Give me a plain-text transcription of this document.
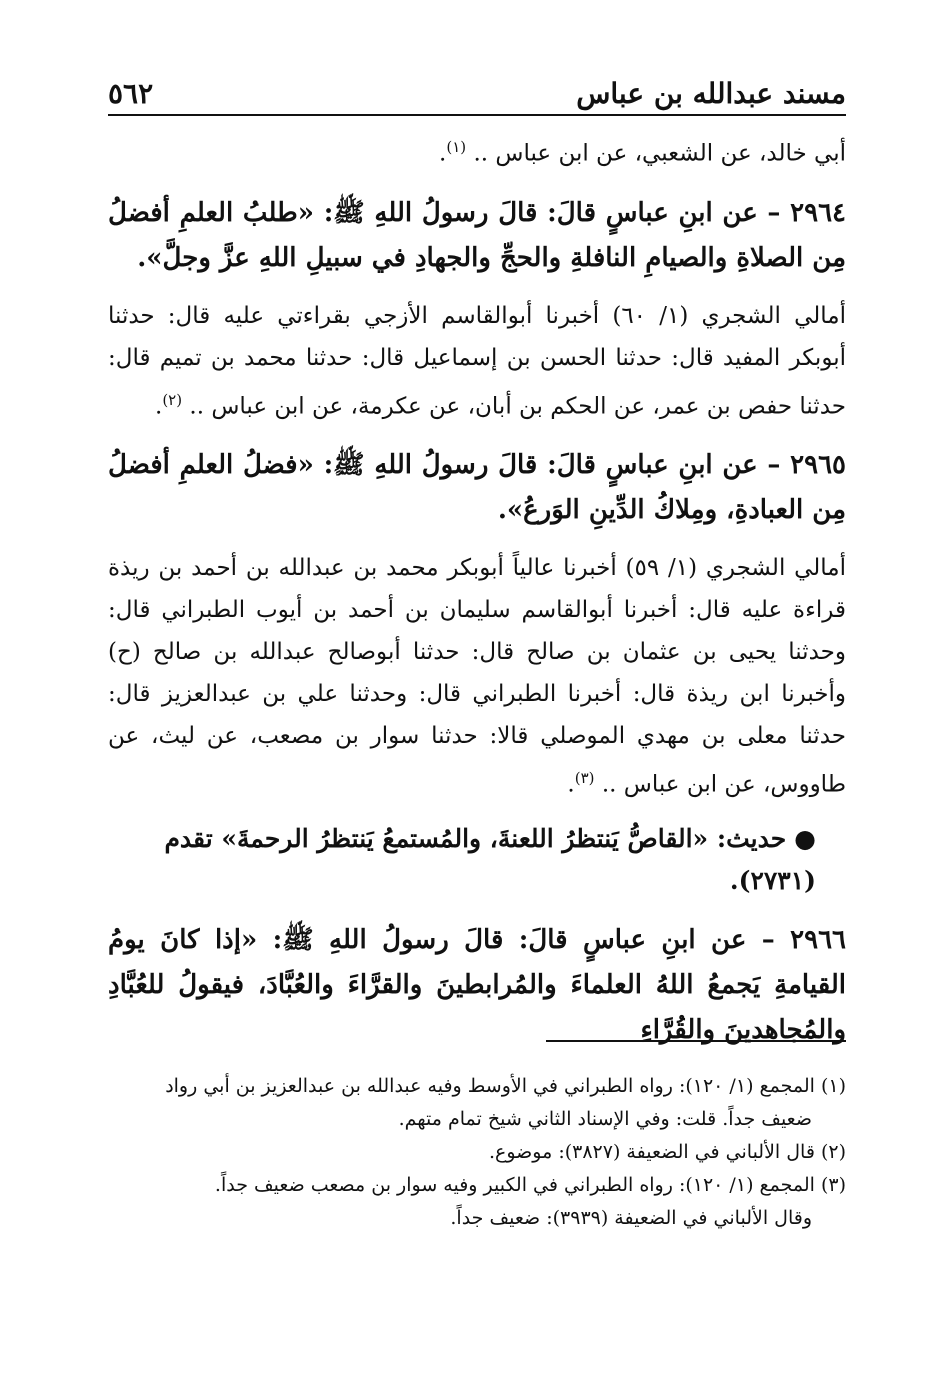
مسند عبدالله بن عباس
٥٦٢

أبي خالد، عن الشعبي، عن ابن عباس .. $^{(١)}$.

٢٩٦٤ – عن ابنِ عباسٍ قالَ: قالَ رسولُ اللهِ ﷺ: «طلبُ العلمِ أفضلُ مِن الصلاةِ والصيامِ النافلةِ والحجِّ والجهادِ في سبيلِ اللهِ عزَّ وجلَّ».

أمالي الشجري (١/ ٦٠) أخبرنا أبوالقاسم الأزجي بقراءتي عليه قال: حدثنا أبوبكر المفيد قال: حدثنا الحسن بن إسماعيل قال: حدثنا محمد بن تميم قال: حدثنا حفص بن عمر، عن الحكم بن أبان، عن عكرمة، عن ابن عباس .. $^{(٢)}$.

٢٩٦٥ – عن ابنِ عباسٍ قالَ: قالَ رسولُ اللهِ ﷺ: «فضلُ العلمِ أفضلُ مِن العبادةِ، ومِلاكُ الدِّينِ الوَرعُ».

أمالي الشجري (١/ ٥٩) أخبرنا عالياً أبوبكر محمد بن عبدالله بن أحمد بن ريذة قراءة عليه قال: أخبرنا أبوالقاسم سليمان بن أحمد بن أيوب الطبراني قال: وحدثنا يحيى بن عثمان بن صالح قال: حدثنا أبوصالح عبدالله بن صالح (ح) وأخبرنا ابن ريذة قال: أخبرنا الطبراني قال: وحدثنا علي بن عبدالعزيز قال: حدثنا معلى بن مهدي الموصلي قالا: حدثنا سوار بن مصعب، عن ليث، عن طاووس، عن ابن عباس .. $^{(٣)}$.

●حديث: «القاصُّ يَنتظرُ اللعنةَ، والمُستمعُ يَنتظرُ الرحمةَ» تقدم (٢٧٣١).

٢٩٦٦ – عن ابنِ عباسٍ قالَ: قالَ رسولُ اللهِ ﷺ: «إذا كانَ يومُ القيامةِ يَجمعُ اللهُ العلماءَ والمُرابطينَ والقرَّاءَ والعُبَّادَ، فيقولُ للعُبَّادِ والمُجاهدينَ والقُرَّاءِ

(١)المجمع (١/ ١٢٠): رواه الطبراني في الأوسط وفيه عبدالله بن عبدالعزيز بن أبي رواد
ضعيف جداً. قلت: وفي الإسناد الثاني شيخ تمام متهم.
(٢)قال الألباني في الضعيفة (٣٨٢٧): موضوع.
(٣)المجمع (١/ ١٢٠): رواه الطبراني في الكبير وفيه سوار بن مصعب ضعيف جداً.
وقال الألباني في الضعيفة (٣٩٣٩): ضعيف جداً.
